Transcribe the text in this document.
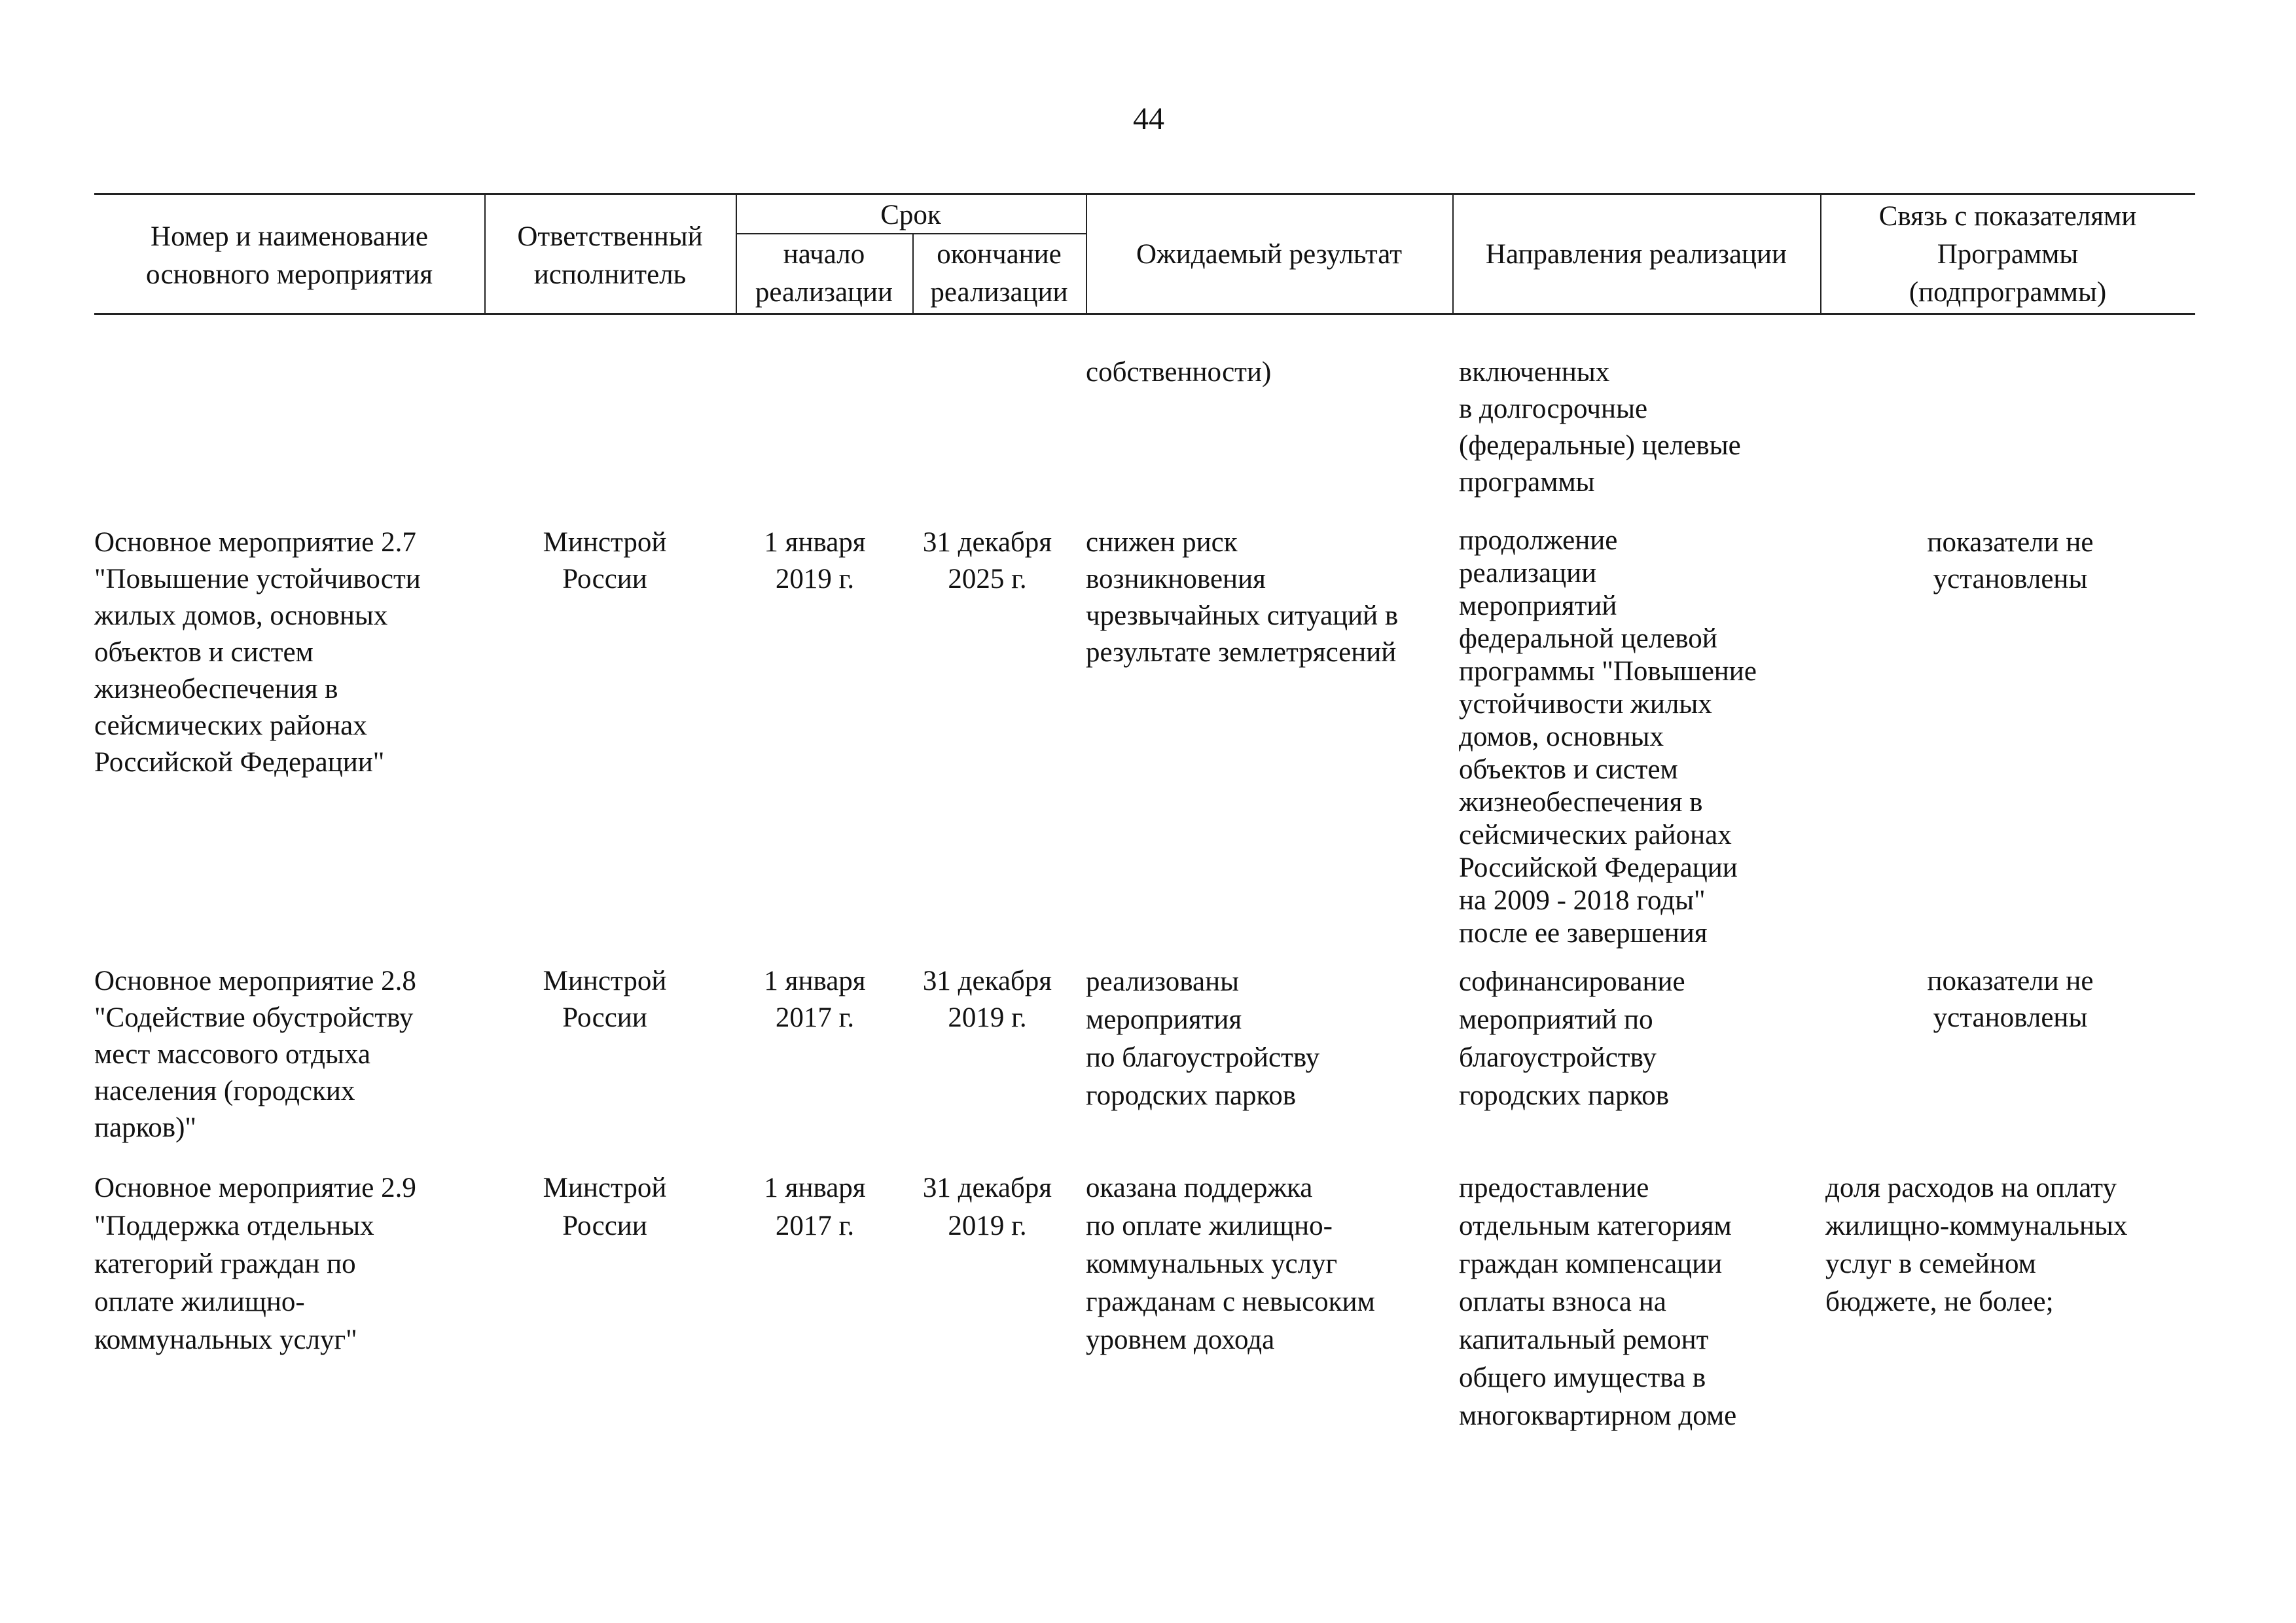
44
Номер и наименование
основного мероприятия
Ответственный
исполнитель
Срок
начало
реализации
окончание
реализации
Ожидаемый результат	Направления реализации
Связь с показателями
Программы
(подпрограммы)
собственности)	включенных
в долгосрочные
(федеральные) целевые
программы
Основное мероприятие 2.7
"Повышение устойчивости
жилых домов, основных
объектов и систем
жизнеобеспечения в
сейсмических районах
Российской Федерации"
Минстрой
России
1 января
2019 г.
31 декабря
2025 г.
снижен риск
возникновения
чрезвычайных ситуаций в
результате землетрясений
продолжение
реализации
мероприятий
федеральной целевой
программы "Повышение
устойчивости жилых
домов, основных
объектов и систем
жизнеобеспечения в
сейсмических районах
Российской Федерации
на 2009 - 2018 годы"
после ее завершения
показатели не
установлены
Основное мероприятие 2.8
"Содействие обустройству
мест массового отдыха
населения (городских
парков)"
Минстрой
России
1 января
2017 г.
31 декабря
2019 г.
реализованы
мероприятия
по благоустройству
городских парков
софинансирование
мероприятий по
благоустройству
городских парков
показатели не
установлены
Основное мероприятие 2.9
"Поддержка отдельных
категорий граждан по
оплате жилищно-
коммунальных услуг"
Минстрой
России
1 января
2017 г.
31 декабря
2019 г.
оказана поддержка
по оплате жилищно-
коммунальных услуг
гражданам с невысоким
уровнем дохода
предоставление
отдельным категориям
граждан компенсации
оплаты взноса на
капитальный ремонт
общего имущества в
многоквартирном доме
доля расходов на оплату
жилищно-коммунальных
услуг в семейном
бюджете, не более;
